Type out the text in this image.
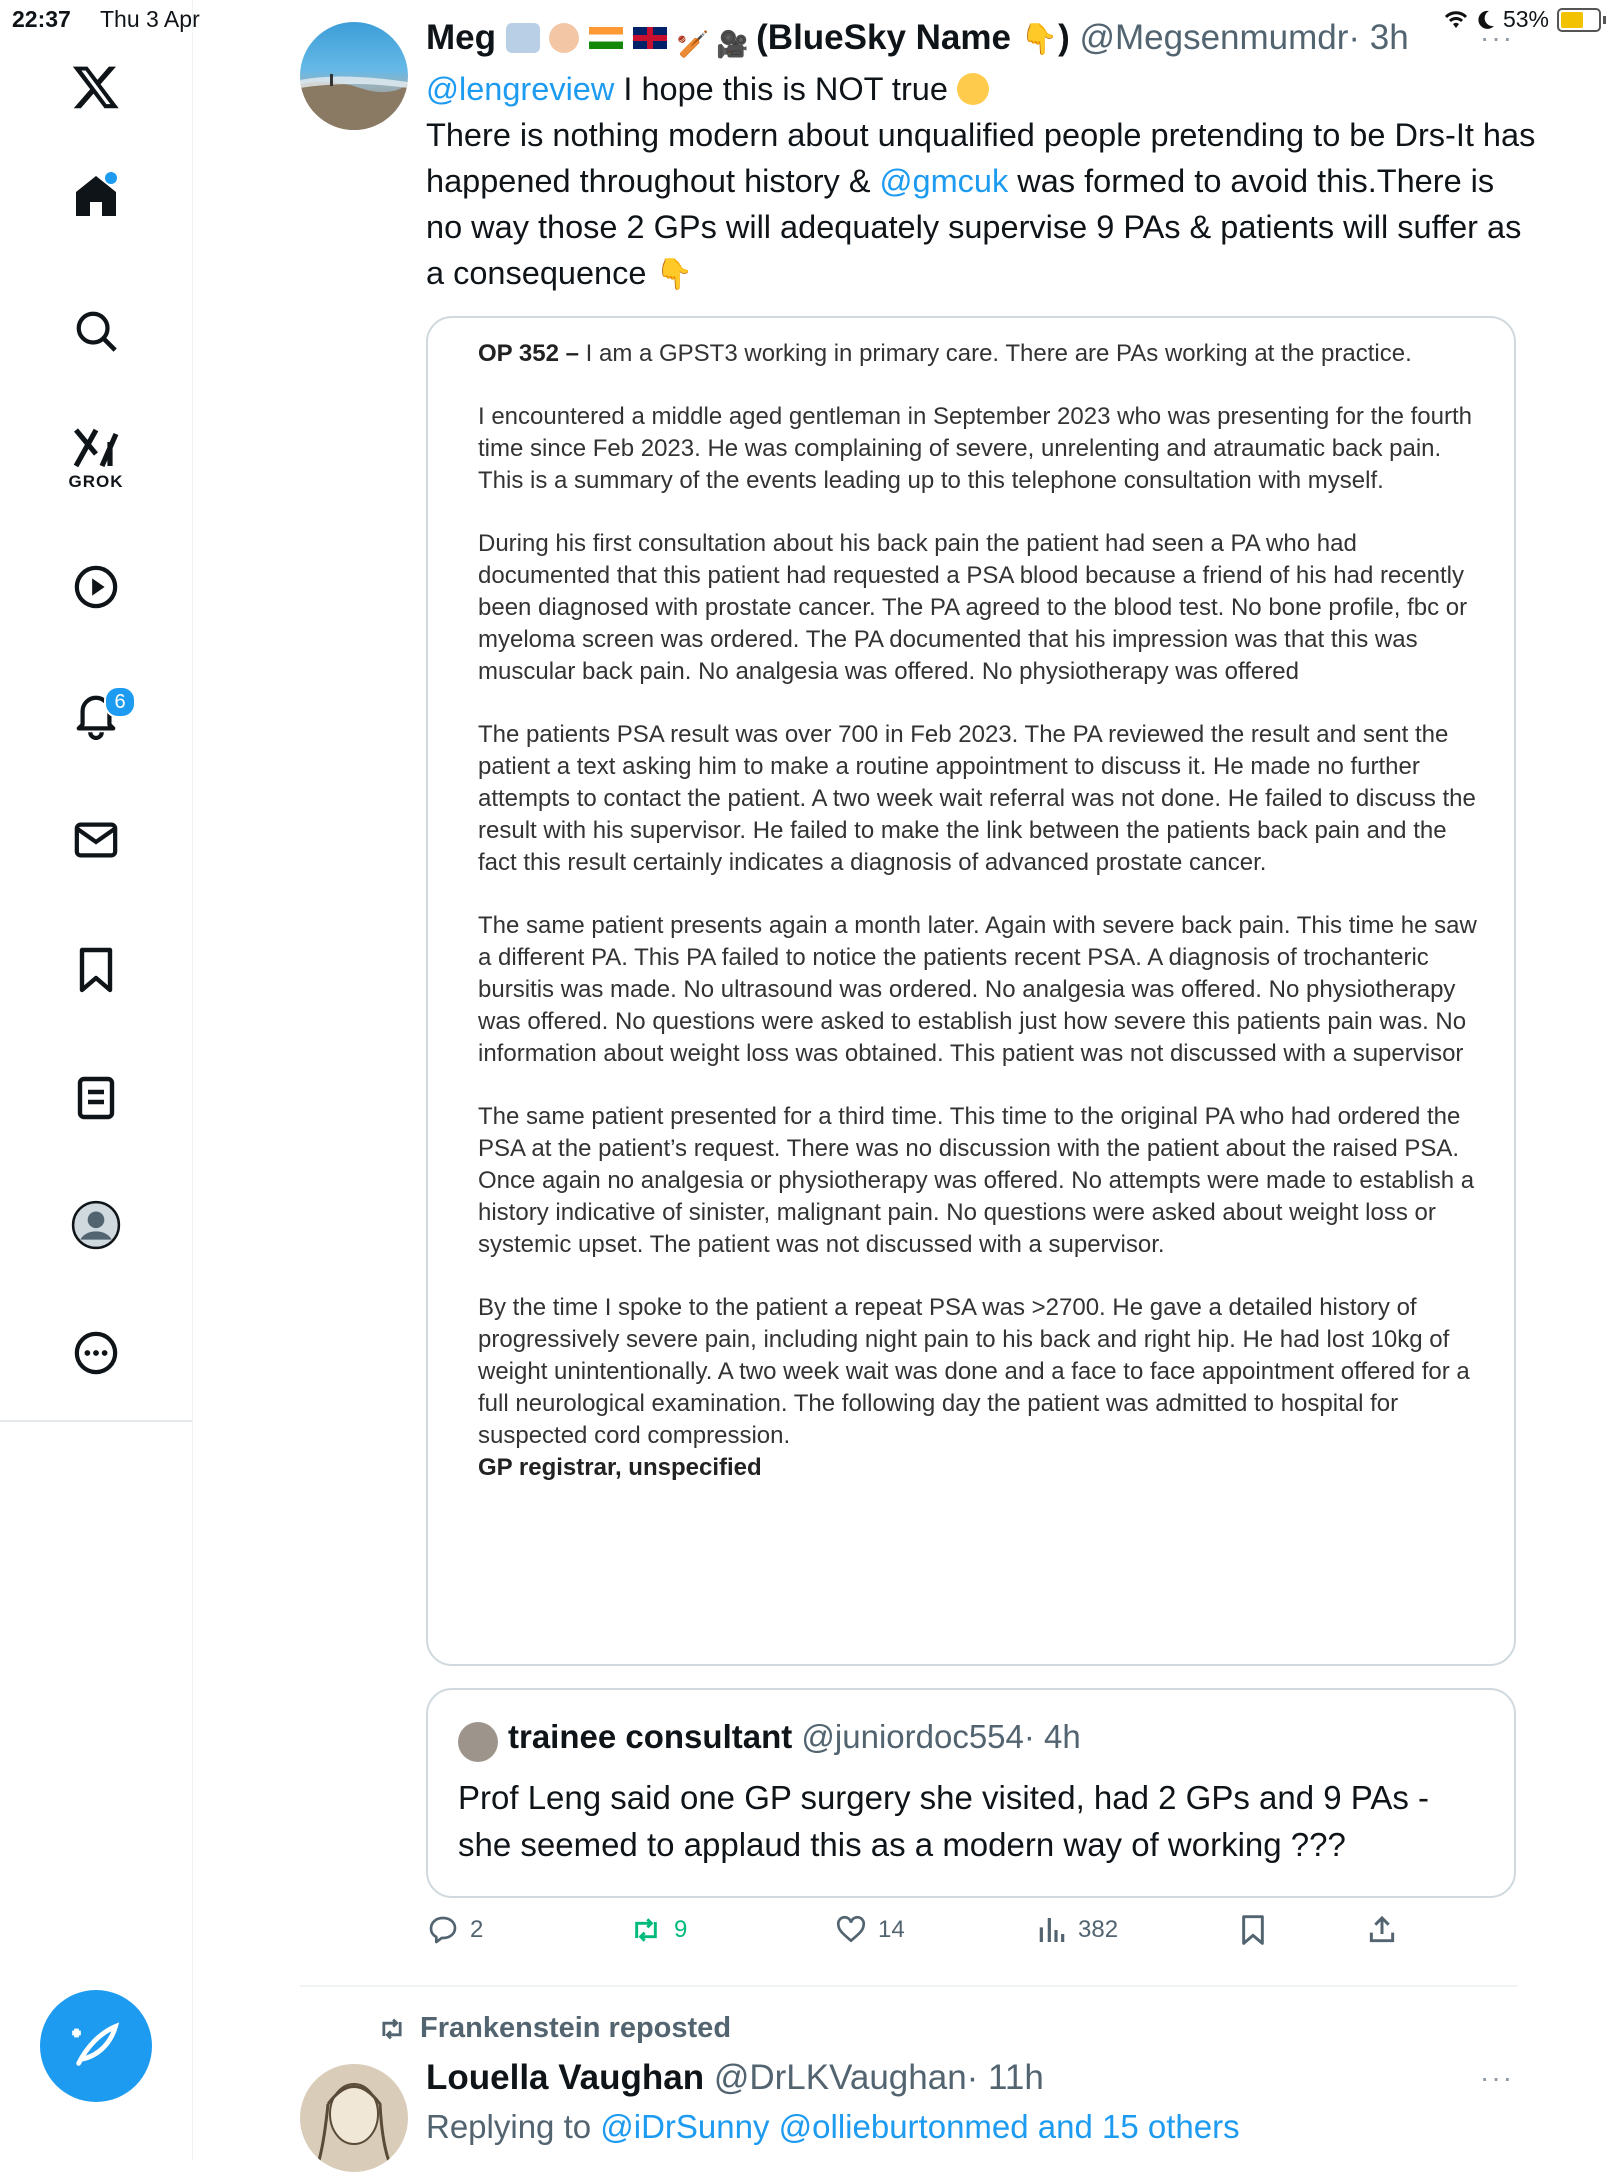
22:37 Thu 3 Apr	53%
GROK
6
Meg	🏏 🎥 (BlueSky Name 👇) @Megsenmumdr· 3h	···
@lengreview I hope this is NOT true
There is nothing modern about unqualified people pretending to be Drs-It has happened throughout history & @gmcuk was formed to avoid this.There is no way those 2 GPs will adequately supervise 9 PAs & patients will suffer as a consequence 👇

OP 352 – I am a GPST3 working in primary care. There are PAs working at the practice.

I encountered a middle aged gentleman in September 2023 who was presenting for the fourth time since Feb 2023. He was complaining of severe, unrelenting and atraumatic back pain. This is a summary of the events leading up to this telephone consultation with myself.

During his first consultation about his back pain the patient had seen a PA who had documented that this patient had requested a PSA blood because a friend of his had recently been diagnosed with prostate cancer. The PA agreed to the blood test. No bone profile, fbc or myeloma screen was ordered. The PA documented that his impression was that this was muscular back pain. No analgesia was offered. No physiotherapy was offered

The patients PSA result was over 700 in Feb 2023. The PA reviewed the result and sent the patient a text asking him to make a routine appointment to discuss it. He made no further attempts to contact the patient. A two week wait referral was not done. He failed to discuss the result with his supervisor. He failed to make the link between the patients back pain and the fact this result certainly indicates a diagnosis of advanced prostate cancer.

The same patient presents again a month later. Again with severe back pain. This time he saw a different PA. This PA failed to notice the patients recent PSA. A diagnosis of trochanteric bursitis was made. No ultrasound was ordered. No analgesia was offered. No physiotherapy was offered. No questions were asked to establish just how severe this patients pain was. No information about weight loss was obtained. This patient was not discussed with a supervisor

The same patient presented for a third time. This time to the original PA who had ordered the PSA at the patient’s request. There was no discussion with the patient about the raised PSA. Once again no analgesia or physiotherapy was offered. No attempts were made to establish a history indicative of sinister, malignant pain. No questions were asked about weight loss or systemic upset. The patient was not discussed with a supervisor.

By the time I spoke to the patient a repeat PSA was >2700. He gave a detailed history of progressively severe pain, including night pain to his back and right hip. He had lost 10kg of weight unintentionally. A two week wait was done and a face to face appointment offered for a full neurological examination. The following day the patient was admitted to hospital for suspected cord compression.

GP registrar, unspecified
trainee consultant @juniordoc554· 4h
Prof Leng said one GP surgery she visited, had 2 GPs and 9 PAs - she seemed to applaud this as a modern way of working ???
2	9	14	382
Frankenstein reposted
Louella Vaughan @DrLKVaughan· 11h	···
Replying to @iDrSunny @ollieburtonmed and 15 others
